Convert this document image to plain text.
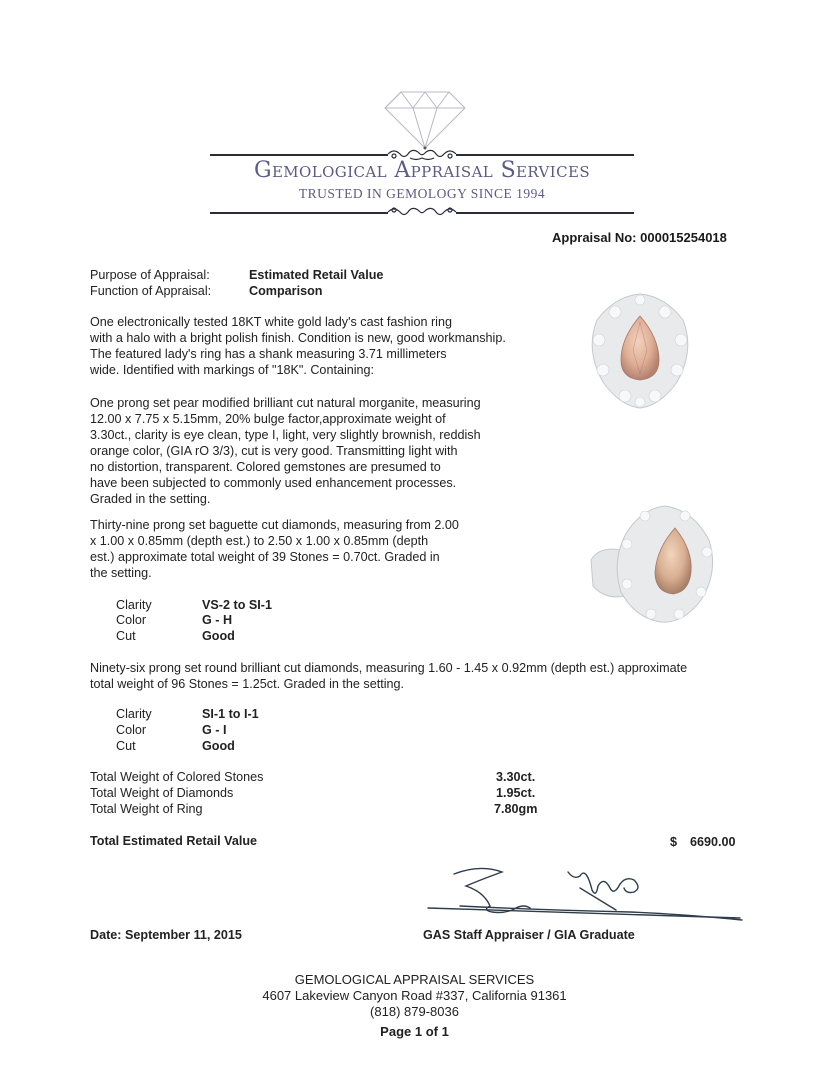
Gemological Appraisal Services
TRUSTED IN GEMOLOGY SINCE 1994
Appraisal No: 000015254018
Purpose of Appraisal:	Estimated Retail Value
Function of Appraisal:	Comparison
One electronically tested 18KT white gold lady's cast fashion ring
with a halo with a bright polish finish. Condition is new, good workmanship.
The featured lady's ring has a shank measuring 3.71 millimeters
wide. Identified with markings of "18K". Containing:
One prong set pear modified brilliant cut natural morganite, measuring
12.00 x 7.75 x 5.15mm, 20% bulge factor,approximate weight of
3.30ct., clarity is eye clean, type I, light, very slightly brownish, reddish
orange color, (GIA rO 3/3), cut is very good. Transmitting light with
no distortion, transparent. Colored gemstones are presumed to
have been subjected to commonly used enhancement processes.
Graded in the setting.
Thirty-nine prong set baguette cut diamonds, measuring from 2.00
x 1.00 x 0.85mm (depth est.) to 2.50 x 1.00 x 0.85mm (depth
est.) approximate total weight of 39 Stones = 0.70ct. Graded in
the setting.
Clarity	VS-2 to SI-1
Color	G - H
Cut	Good
Ninety-six prong set round brilliant cut diamonds, measuring 1.60 - 1.45 x 0.92mm (depth est.) approximate
total weight of 96 Stones = 1.25ct. Graded in the setting.
Clarity	SI-1 to I-1
Color	G - I
Cut	Good
Total Weight of Colored Stones	3.30ct.
Total Weight of Diamonds	1.95ct.
Total Weight of Ring	7.80gm
Total Estimated Retail Value	$ 6690.00
Date: September 11, 2015	GAS Staff Appraiser / GIA Graduate
GEMOLOGICAL APPRAISAL SERVICES
4607 Lakeview Canyon Road #337, California 91361
(818) 879-8036
Page 1 of 1
